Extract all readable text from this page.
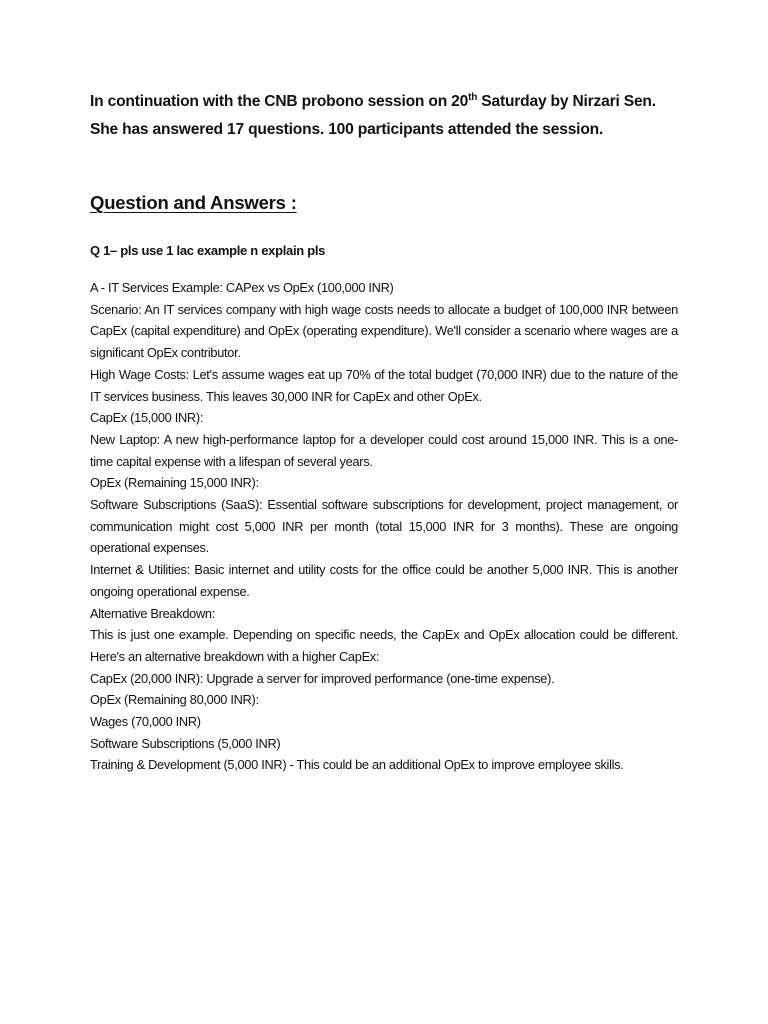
In continuation with the CNB probono session on 20th Saturday by Nirzari Sen.

She has answered 17 questions. 100 participants attended the session.

Question and Answers :

Q 1– pls use 1 lac example n explain pls

A - IT Services Example: CAPex vs OpEx (100,000 INR)

Scenario: An IT services company with high wage costs needs to allocate a budget of 100,000 INR between CapEx (capital expenditure) and OpEx (operating expenditure). We'll consider a scenario where wages are a significant OpEx contributor.

High Wage Costs: Let's assume wages eat up 70% of the total budget (70,000 INR) due to the nature of the IT services business. This leaves 30,000 INR for CapEx and other OpEx.

CapEx (15,000 INR):

New Laptop: A new high-performance laptop for a developer could cost around 15,000 INR. This is a one-time capital expense with a lifespan of several years.

OpEx (Remaining 15,000 INR):

Software Subscriptions (SaaS): Essential software subscriptions for development, project management, or communication might cost 5,000 INR per month (total 15,000 INR for 3 months). These are ongoing operational expenses.

Internet & Utilities: Basic internet and utility costs for the office could be another 5,000 INR. This is another ongoing operational expense.

Alternative Breakdown:

This is just one example. Depending on specific needs, the CapEx and OpEx allocation could be different. Here's an alternative breakdown with a higher CapEx:

CapEx (20,000 INR): Upgrade a server for improved performance (one-time expense).

OpEx (Remaining 80,000 INR):

Wages (70,000 INR)

Software Subscriptions (5,000 INR)

Training & Development (5,000 INR) - This could be an additional OpEx to improve employee skills.
